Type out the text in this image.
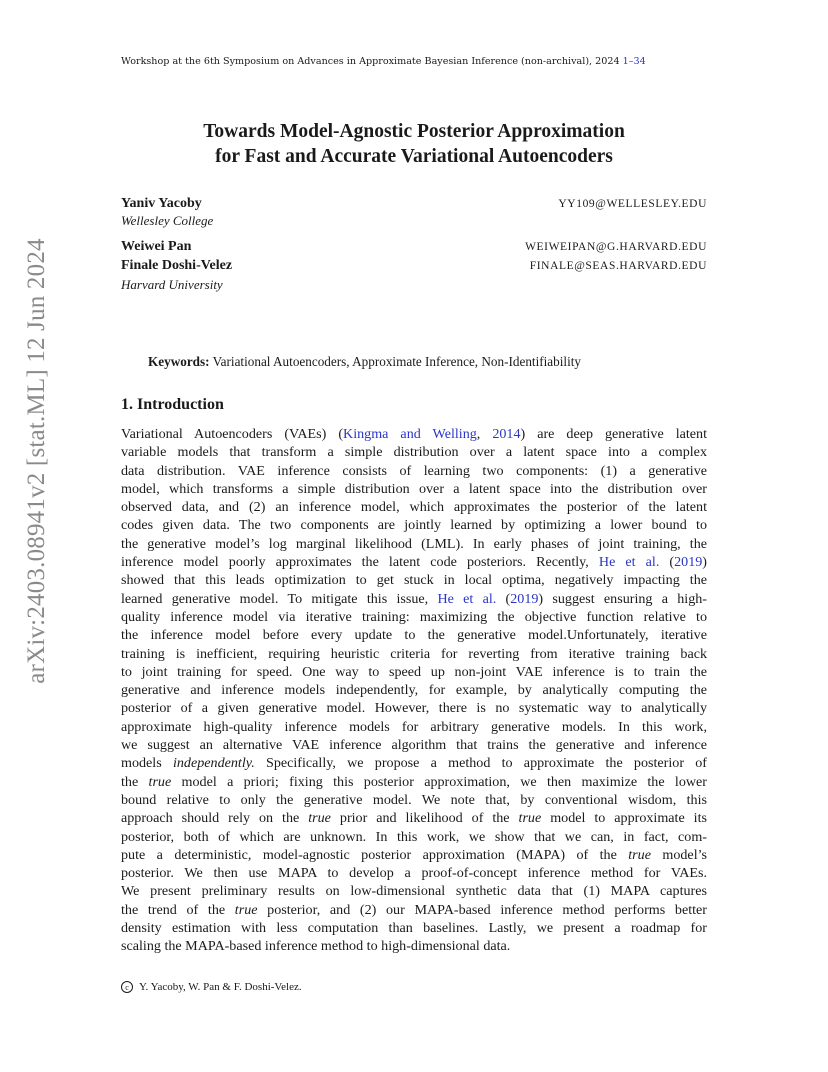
Workshop at the 6th Symposium on Advances in Approximate Bayesian Inference (non-archival), 2024 1–34
Towards Model-Agnostic Posterior Approximation
for Fast and Accurate Variational Autoencoders
Yaniv Yacoby	YY109@WELLESLEY.EDU
Wellesley College
Weiwei Pan	WEIWEIPAN@G.HARVARD.EDU
Finale Doshi-Velez	FINALE@SEAS.HARVARD.EDU
Harvard University
Keywords: Variational Autoencoders, Approximate Inference, Non-Identifiability
1. Introduction
Variational Autoencoders (VAEs) (Kingma and Welling, 2014) are deep generative latent
variable models that transform a simple distribution over a latent space into a complex
data distribution. VAE inference consists of learning two components: (1) a generative
model, which transforms a simple distribution over a latent space into the distribution over
observed data, and (2) an inference model, which approximates the posterior of the latent
codes given data. The two components are jointly learned by optimizing a lower bound to
the generative model’s log marginal likelihood (LML). In early phases of joint training, the
inference model poorly approximates the latent code posteriors. Recently, He et al. (2019)
showed that this leads optimization to get stuck in local optima, negatively impacting the
learned generative model. To mitigate this issue, He et al. (2019) suggest ensuring a high-
quality inference model via iterative training: maximizing the objective function relative to
the inference model before every update to the generative model.Unfortunately, iterative
training is inefficient, requiring heuristic criteria for reverting from iterative training back
to joint training for speed. One way to speed up non-joint VAE inference is to train the
generative and inference models independently, for example, by analytically computing the
posterior of a given generative model. However, there is no systematic way to analytically
approximate high-quality inference models for arbitrary generative models. In this work,
we suggest an alternative VAE inference algorithm that trains the generative and inference
models independently. Specifically, we propose a method to approximate the posterior of
the true model a priori; fixing this posterior approximation, we then maximize the lower
bound relative to only the generative model. We note that, by conventional wisdom, this
approach should rely on the true prior and likelihood of the true model to approximate its
posterior, both of which are unknown. In this work, we show that we can, in fact, com-
pute a deterministic, model-agnostic posterior approximation (MAPA) of the true model’s
posterior. We then use MAPA to develop a proof-of-concept inference method for VAEs.
We present preliminary results on low-dimensional synthetic data that (1) MAPA captures
the trend of the true posterior, and (2) our MAPA-based inference method performs better
density estimation with less computation than baselines. Lastly, we present a roadmap for
scaling the MAPA-based inference method to high-dimensional data.
arXiv:2403.08941v2 [stat.ML] 12 Jun 2024
c Y. Yacoby, W. Pan & F. Doshi-Velez.
